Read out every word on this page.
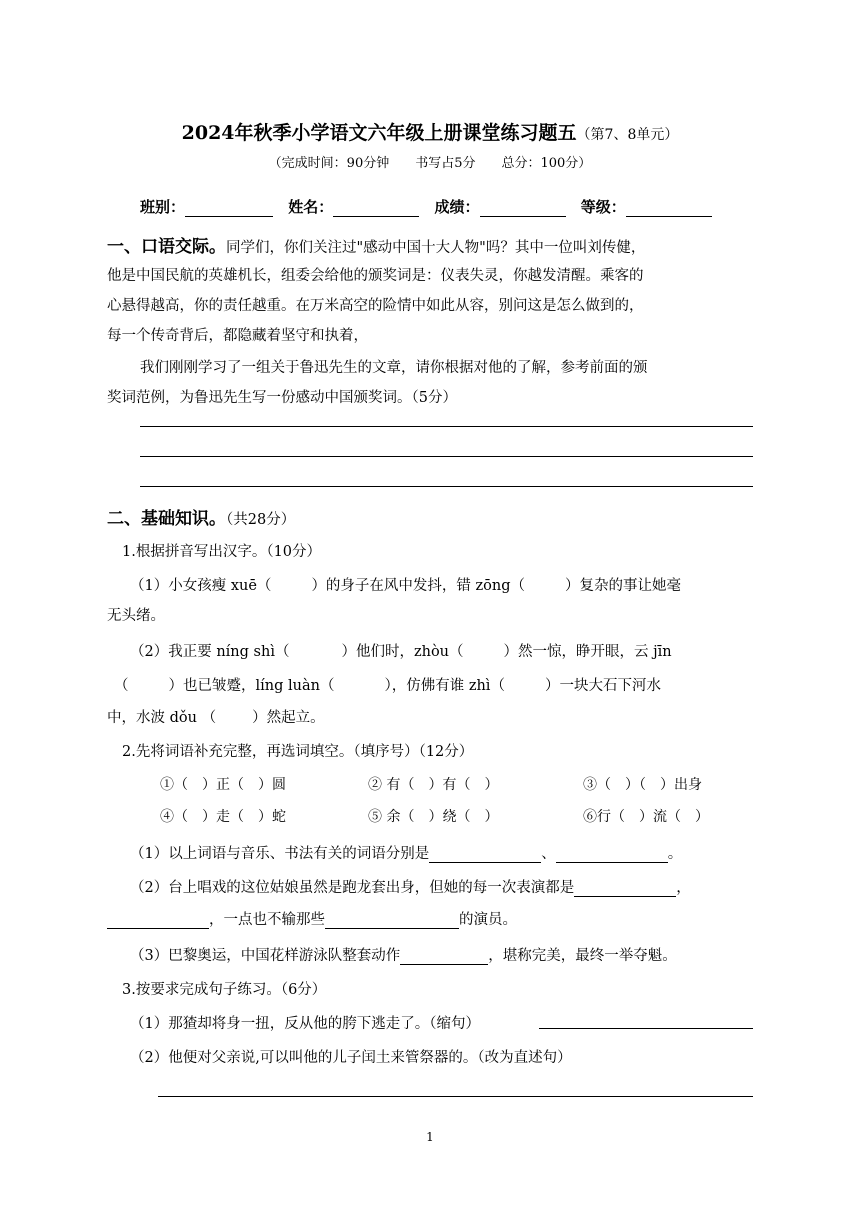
2024年秋季小学语文六年级上册课堂练习题五（第7、8单元）
（完成时间：90分钟　　书写占5分　　总分：100分）
班别：	姓名：	成绩：	等级：
一、口语交际。同学们，你们关注过"感动中国十大人物"吗？其中一位叫刘传健，
他是中国民航的英雄机长，组委会给他的颁奖词是：仪表失灵，你越发清醒。乘客的
心悬得越高，你的责任越重。在万米高空的险情中如此从容，别问这是怎么做到的，
每一个传奇背后，都隐藏着坚守和执着，
我们刚刚学习了一组关于鲁迅先生的文章，请你根据对他的了解，参考前面的颁
奖词范例，为鲁迅先生写一份感动中国颁奖词。（5分）
二、基础知识。（共28分）
1.根据拼音写出汉字。（10分）
（1）小女孩瘦 xuē（	）的身子在风中发抖，错 zōng（	）复杂的事让她毫
无头绪。
（2）我正要 níng shì（	）他们时，zhòu（	）然一惊，睁开眼，云 jīn
（	）也已皱蹙，líng luàn（	），仿佛有谁 zhì（	）一块大石下河水
中，水波 dǒu （ ）然起立。
2.先将词语补充完整，再选词填空。（填序号）（12分）
①（　）正（　）圆	② 有（　）有（　）	③（　）（　）出身
④（　）走（　）蛇	⑤ 余（　）绕（　）	⑥行（　）流（　）
（1）以上词语与音乐、书法有关的词语分别是	、	。
（2）台上唱戏的这位姑娘虽然是跑龙套出身，但她的每一次表演都是	，
，一点也不输那些	的演员。
（3）巴黎奥运，中国花样游泳队整套动作	，堪称完美，最终一举夺魁。
3.按要求完成句子练习。（6分）
（1）那猹却将身一扭，反从他的胯下逃走了。（缩句）
（2）他便对父亲说,可以叫他的儿子闰土来管祭器的。（改为直述句）
1
